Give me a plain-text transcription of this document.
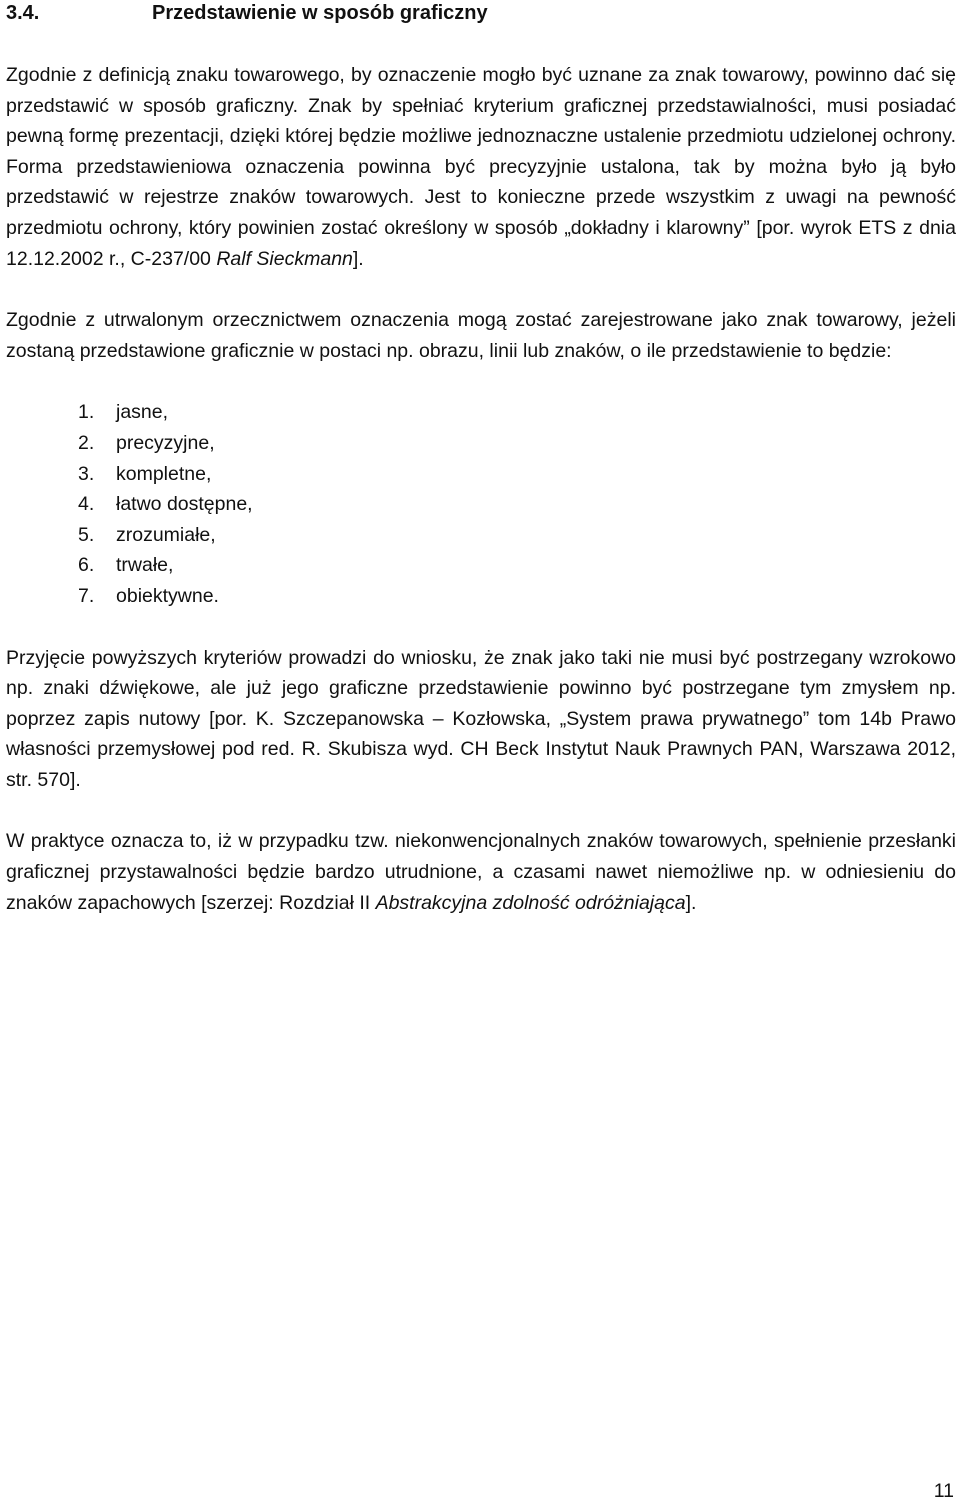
3.4.	Przedstawienie w sposób graficzny

Zgodnie z definicją znaku towarowego, by oznaczenie mogło być uznane za znak towarowy, powinno dać się przedstawić w sposób graficzny. Znak by spełniać kryterium graficznej przedstawialności, musi posiadać pewną formę prezentacji, dzięki której będzie możliwe jednoznaczne ustalenie przedmiotu udzielonej ochrony. Forma przedstawieniowa oznaczenia powinna być precyzyjnie ustalona, tak by można było ją było przedstawić w rejestrze znaków towarowych. Jest to konieczne przede wszystkim z uwagi na pewność przedmiotu ochrony, który powinien zostać określony w sposób „dokładny i klarowny” [por. wyrok ETS z dnia 12.12.2002 r., C-237/00 Ralf Sieckmann].

Zgodnie z utrwalonym orzecznictwem oznaczenia mogą zostać zarejestrowane jako znak towarowy, jeżeli zostaną przedstawione graficznie w postaci np. obrazu, linii lub znaków, o ile przedstawienie to będzie:

1.	jasne,
2.	precyzyjne,
3.	kompletne,
4.	łatwo dostępne,
5.	zrozumiałe,
6.	trwałe,
7.	obiektywne.

Przyjęcie powyższych kryteriów prowadzi do wniosku, że znak jako taki nie musi być postrzegany wzrokowo np. znaki dźwiękowe, ale już jego graficzne przedstawienie powinno być postrzegane tym zmysłem np. poprzez zapis nutowy [por. K. Szczepanowska – Kozłowska, „System prawa prywatnego” tom 14b Prawo własności przemysłowej pod red. R. Skubisza wyd. CH Beck Instytut Nauk Prawnych PAN, Warszawa 2012, str. 570].

W praktyce oznacza to, iż w przypadku tzw. niekonwencjonalnych znaków towarowych, spełnienie przesłanki graficznej przystawalności będzie bardzo utrudnione, a czasami nawet niemożliwe np. w odniesieniu do znaków zapachowych [szerzej: Rozdział II Abstrakcyjna zdolność odróżniająca].

11
